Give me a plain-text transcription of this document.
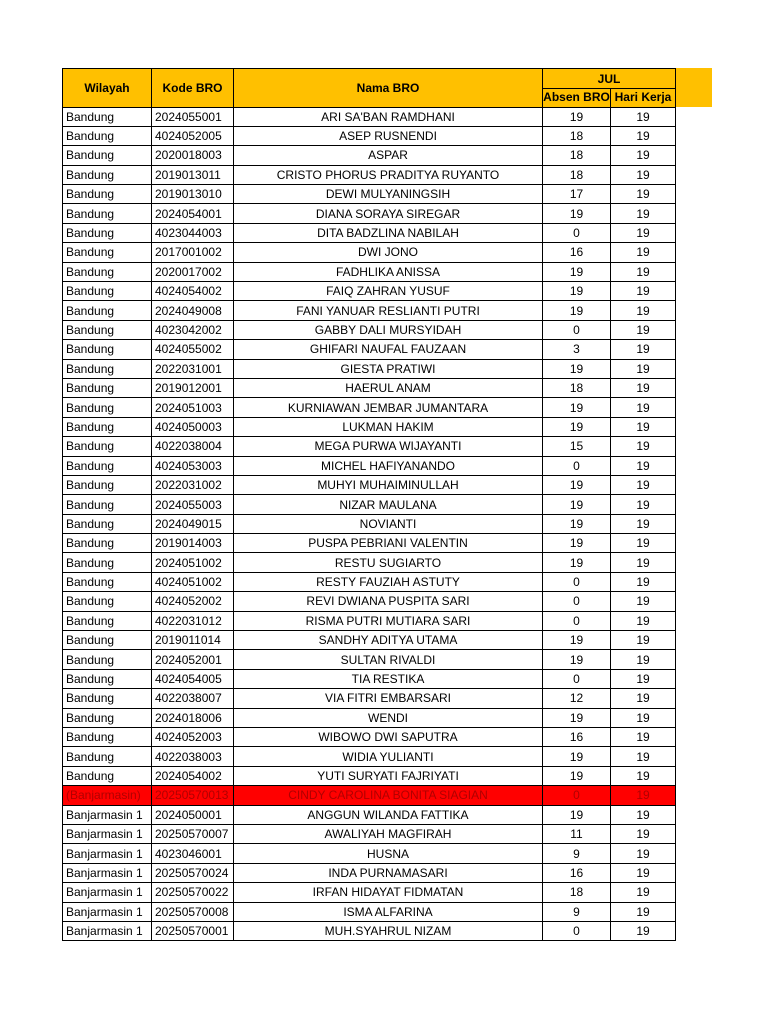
Wilayah	Kode BRO	Nama BRO	JUL	
			Absen BRO	Hari Kerja
Bandung	2024055001	ARI SA'BAN RAMDHANI	19	19
Bandung	4024052005	ASEP RUSNENDI	18	19
Bandung	2020018003	ASPAR	18	19
Bandung	2019013011	CRISTO PHORUS PRADITYA RUYANTO	18	19
Bandung	2019013010	DEWI MULYANINGSIH	17	19
Bandung	2024054001	DIANA SORAYA SIREGAR	19	19
Bandung	4023044003	DITA BADZLINA NABILAH	0	19
Bandung	2017001002	DWI JONO	16	19
Bandung	2020017002	FADHLIKA ANISSA	19	19
Bandung	4024054002	FAIQ ZAHRAN YUSUF	19	19
Bandung	2024049008	FANI YANUAR RESLIANTI PUTRI	19	19
Bandung	4023042002	GABBY DALI MURSYIDAH	0	19
Bandung	4024055002	GHIFARI NAUFAL FAUZAAN	3	19
Bandung	2022031001	GIESTA PRATIWI	19	19
Bandung	2019012001	HAERUL ANAM	18	19
Bandung	2024051003	KURNIAWAN JEMBAR JUMANTARA	19	19
Bandung	4024050003	LUKMAN HAKIM	19	19
Bandung	4022038004	MEGA PURWA WIJAYANTI	15	19
Bandung	4024053003	MICHEL HAFIYANANDO	0	19
Bandung	2022031002	MUHYI MUHAIMINULLAH	19	19
Bandung	2024055003	NIZAR MAULANA	19	19
Bandung	2024049015	NOVIANTI	19	19
Bandung	2019014003	PUSPA PEBRIANI VALENTIN	19	19
Bandung	2024051002	RESTU SUGIARTO	19	19
Bandung	4024051002	RESTY FAUZIAH ASTUTY	0	19
Bandung	4024052002	REVI DWIANA PUSPITA SARI	0	19
Bandung	4022031012	RISMA PUTRI MUTIARA SARI	0	19
Bandung	2019011014	SANDHY ADITYA UTAMA	19	19
Bandung	2024052001	SULTAN RIVALDI	19	19
Bandung	4024054005	TIA RESTIKA	0	19
Bandung	4022038007	VIA FITRI EMBARSARI	12	19
Bandung	2024018006	WENDI	19	19
Bandung	4024052003	WIBOWO DWI SAPUTRA	16	19
Bandung	4022038003	WIDIA YULIANTI	19	19
Bandung	2024054002	YUTI SURYATI FAJRIYATI	19	19
(Banjarmasin)	20250570013	CINDY CAROLINA BONITA SIAGIAN	0	19
Banjarmasin 1	2024050001	ANGGUN WILANDA FATTIKA	19	19
Banjarmasin 1	20250570007	AWALIYAH MAGFIRAH	11	19
Banjarmasin 1	4023046001	HUSNA	9	19
Banjarmasin 1	20250570024	INDA PURNAMASARI	16	19
Banjarmasin 1	20250570022	IRFAN HIDAYAT FIDMATAN	18	19
Banjarmasin 1	20250570008	ISMA ALFARINA	9	19
Banjarmasin 1	20250570001	MUH.SYAHRUL NIZAM	0	19
